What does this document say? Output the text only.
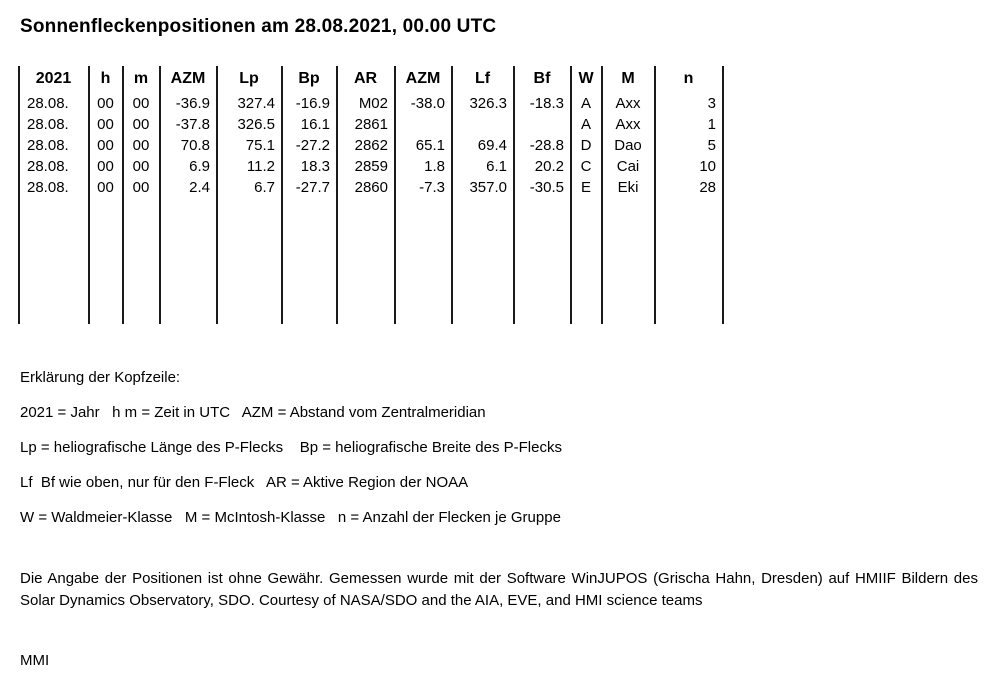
Sonnenfleckenpositionen am 28.08.2021, 00.00 UTC
2021	h	m	AZM	Lp	Bp	AR	AZM	Lf	Bf	W	M	n
28.08.	00	00	-36.9	327.4	-16.9	M02	-38.0	326.3	-18.3	A	Axx	3
28.08.	00	00	-37.8	326.5	16.1	2861				A	Axx	1
28.08.	00	00	70.8	75.1	-27.2	2862	65.1	69.4	-28.8	D	Dao	5
28.08.	00	00	6.9	11.2	18.3	2859	1.8	6.1	20.2	C	Cai	10
28.08.	00	00	2.4	6.7	-27.7	2860	-7.3	357.0	-30.5	E	Eki	28

Erklärung der Kopfzeile:
2021 = Jahr   h m = Zeit in UTC   AZM = Abstand vom Zentralmeridian
Lp = heliografische Länge des P-Flecks    Bp = heliografische Breite des P-Flecks
Lf  Bf wie oben, nur für den F-Fleck   AR = Aktive Region der NOAA
W = Waldmeier-Klasse   M = McIntosh-Klasse   n = Anzahl der Flecken je Gruppe
Die Angabe der Positionen ist ohne Gewähr. Gemessen wurde mit der Software WinJUPOS (Grischa Hahn, Dresden) auf HMIIF Bildern des Solar Dynamics Observatory, SDO. Courtesy of NASA/SDO and the AIA, EVE, and HMI science teams
MMI
